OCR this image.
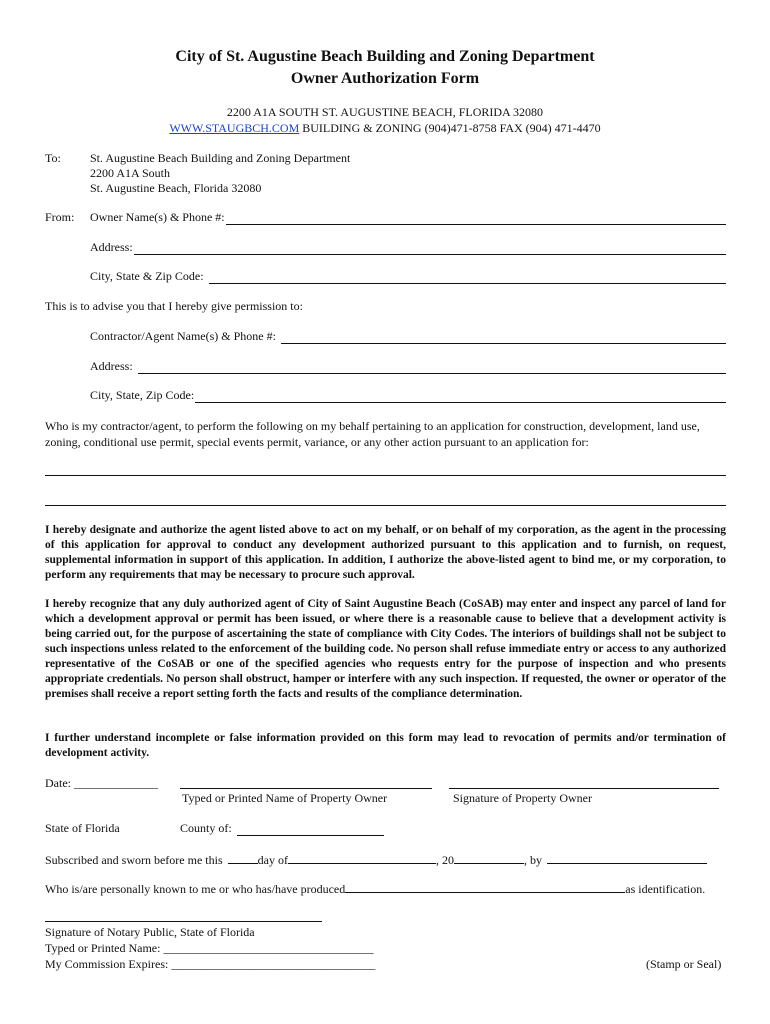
City of St. Augustine Beach Building and Zoning Department
Owner Authorization Form
2200 A1A SOUTH ST. AUGUSTINE BEACH, FLORIDA 32080
WWW.STAUGBCH.COM BUILDING & ZONING (904)471-8758 FAX (904) 471-4470
To: St. Augustine Beach Building and Zoning Department
2200 A1A South
St. Augustine Beach, Florida 32080
From: Owner Name(s) & Phone #:
Address:
City, State & Zip Code:
This is to advise you that I hereby give permission to:
Contractor/Agent Name(s) & Phone #:
Address:
City, State, Zip Code:
Who is my contractor/agent, to perform the following on my behalf pertaining to an application for construction, development, land use, zoning, conditional use permit, special events permit, variance, or any other action pursuant to an application for:
I hereby designate and authorize the agent listed above to act on my behalf, or on behalf of my corporation, as the agent in the processing of this application for approval to conduct any development authorized pursuant to this application and to furnish, on request, supplemental information in support of this application. In addition, I authorize the above-listed agent to bind me, or my corporation, to perform any requirements that may be necessary to procure such approval.
I hereby recognize that any duly authorized agent of City of Saint Augustine Beach (CoSAB) may enter and inspect any parcel of land for which a development approval or permit has been issued, or where there is a reasonable cause to believe that a development activity is being carried out, for the purpose of ascertaining the state of compliance with City Codes. The interiors of buildings shall not be subject to such inspections unless related to the enforcement of the building code. No person shall refuse immediate entry or access to any authorized representative of the CoSAB or one of the specified agencies who requests entry for the purpose of inspection and who presents appropriate credentials. No person shall obstruct, hamper or interfere with any such inspection. If requested, the owner or operator of the premises shall receive a report setting forth the facts and results of the compliance determination.
I further understand incomplete or false information provided on this form may lead to revocation of permits and/or termination of development activity.
Date: ______________
Typed or Printed Name of Property Owner	Signature of Property Owner
State of Florida	County of:
Subscribed and sworn before me this	day of	, 20	, by
Who is/are personally known to me or who has/have produced	as identification.
Signature of Notary Public, State of Florida
Typed or Printed Name: ___________________________________
My Commission Expires: __________________________________	(Stamp or Seal)
